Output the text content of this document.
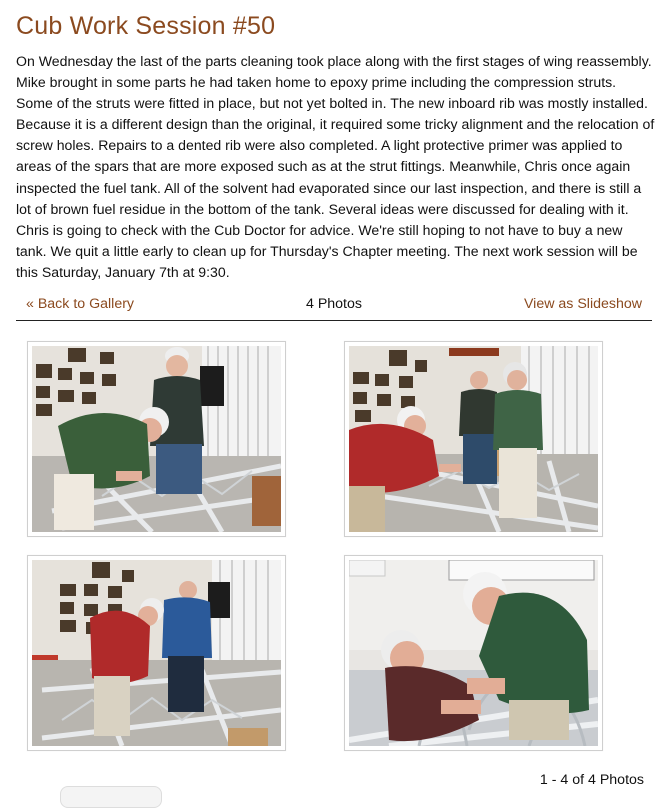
Cub Work Session #50

On Wednesday the last of the parts cleaning took place along with the first stages of wing reassembly. Mike brought in some parts he had taken home to epoxy prime including the compression struts. Some of the struts were fitted in place, but not yet bolted in. The new inboard rib was mostly installed. Because it is a different design than the original, it required some tricky alignment and the relocation of screw holes. Repairs to a dented rib were also completed. A light protective primer was applied to areas of the spars that are more exposed such as at the strut fittings. Meanwhile, Chris once again inspected the fuel tank. All of the solvent had evaporated since our last inspection, and there is still a lot of brown fuel residue in the bottom of the tank. Several ideas were discussed for dealing with it. Chris is going to check with the Cub Doctor for advice. We're still hoping to not have to buy a new tank. We quit a little early to clean up for Thursday's Chapter meeting. The next work session will be this Saturday, January 7th at 9:30.

« Back to Gallery	4 Photos	View as Slideshow
1 - 4 of 4 Photos
